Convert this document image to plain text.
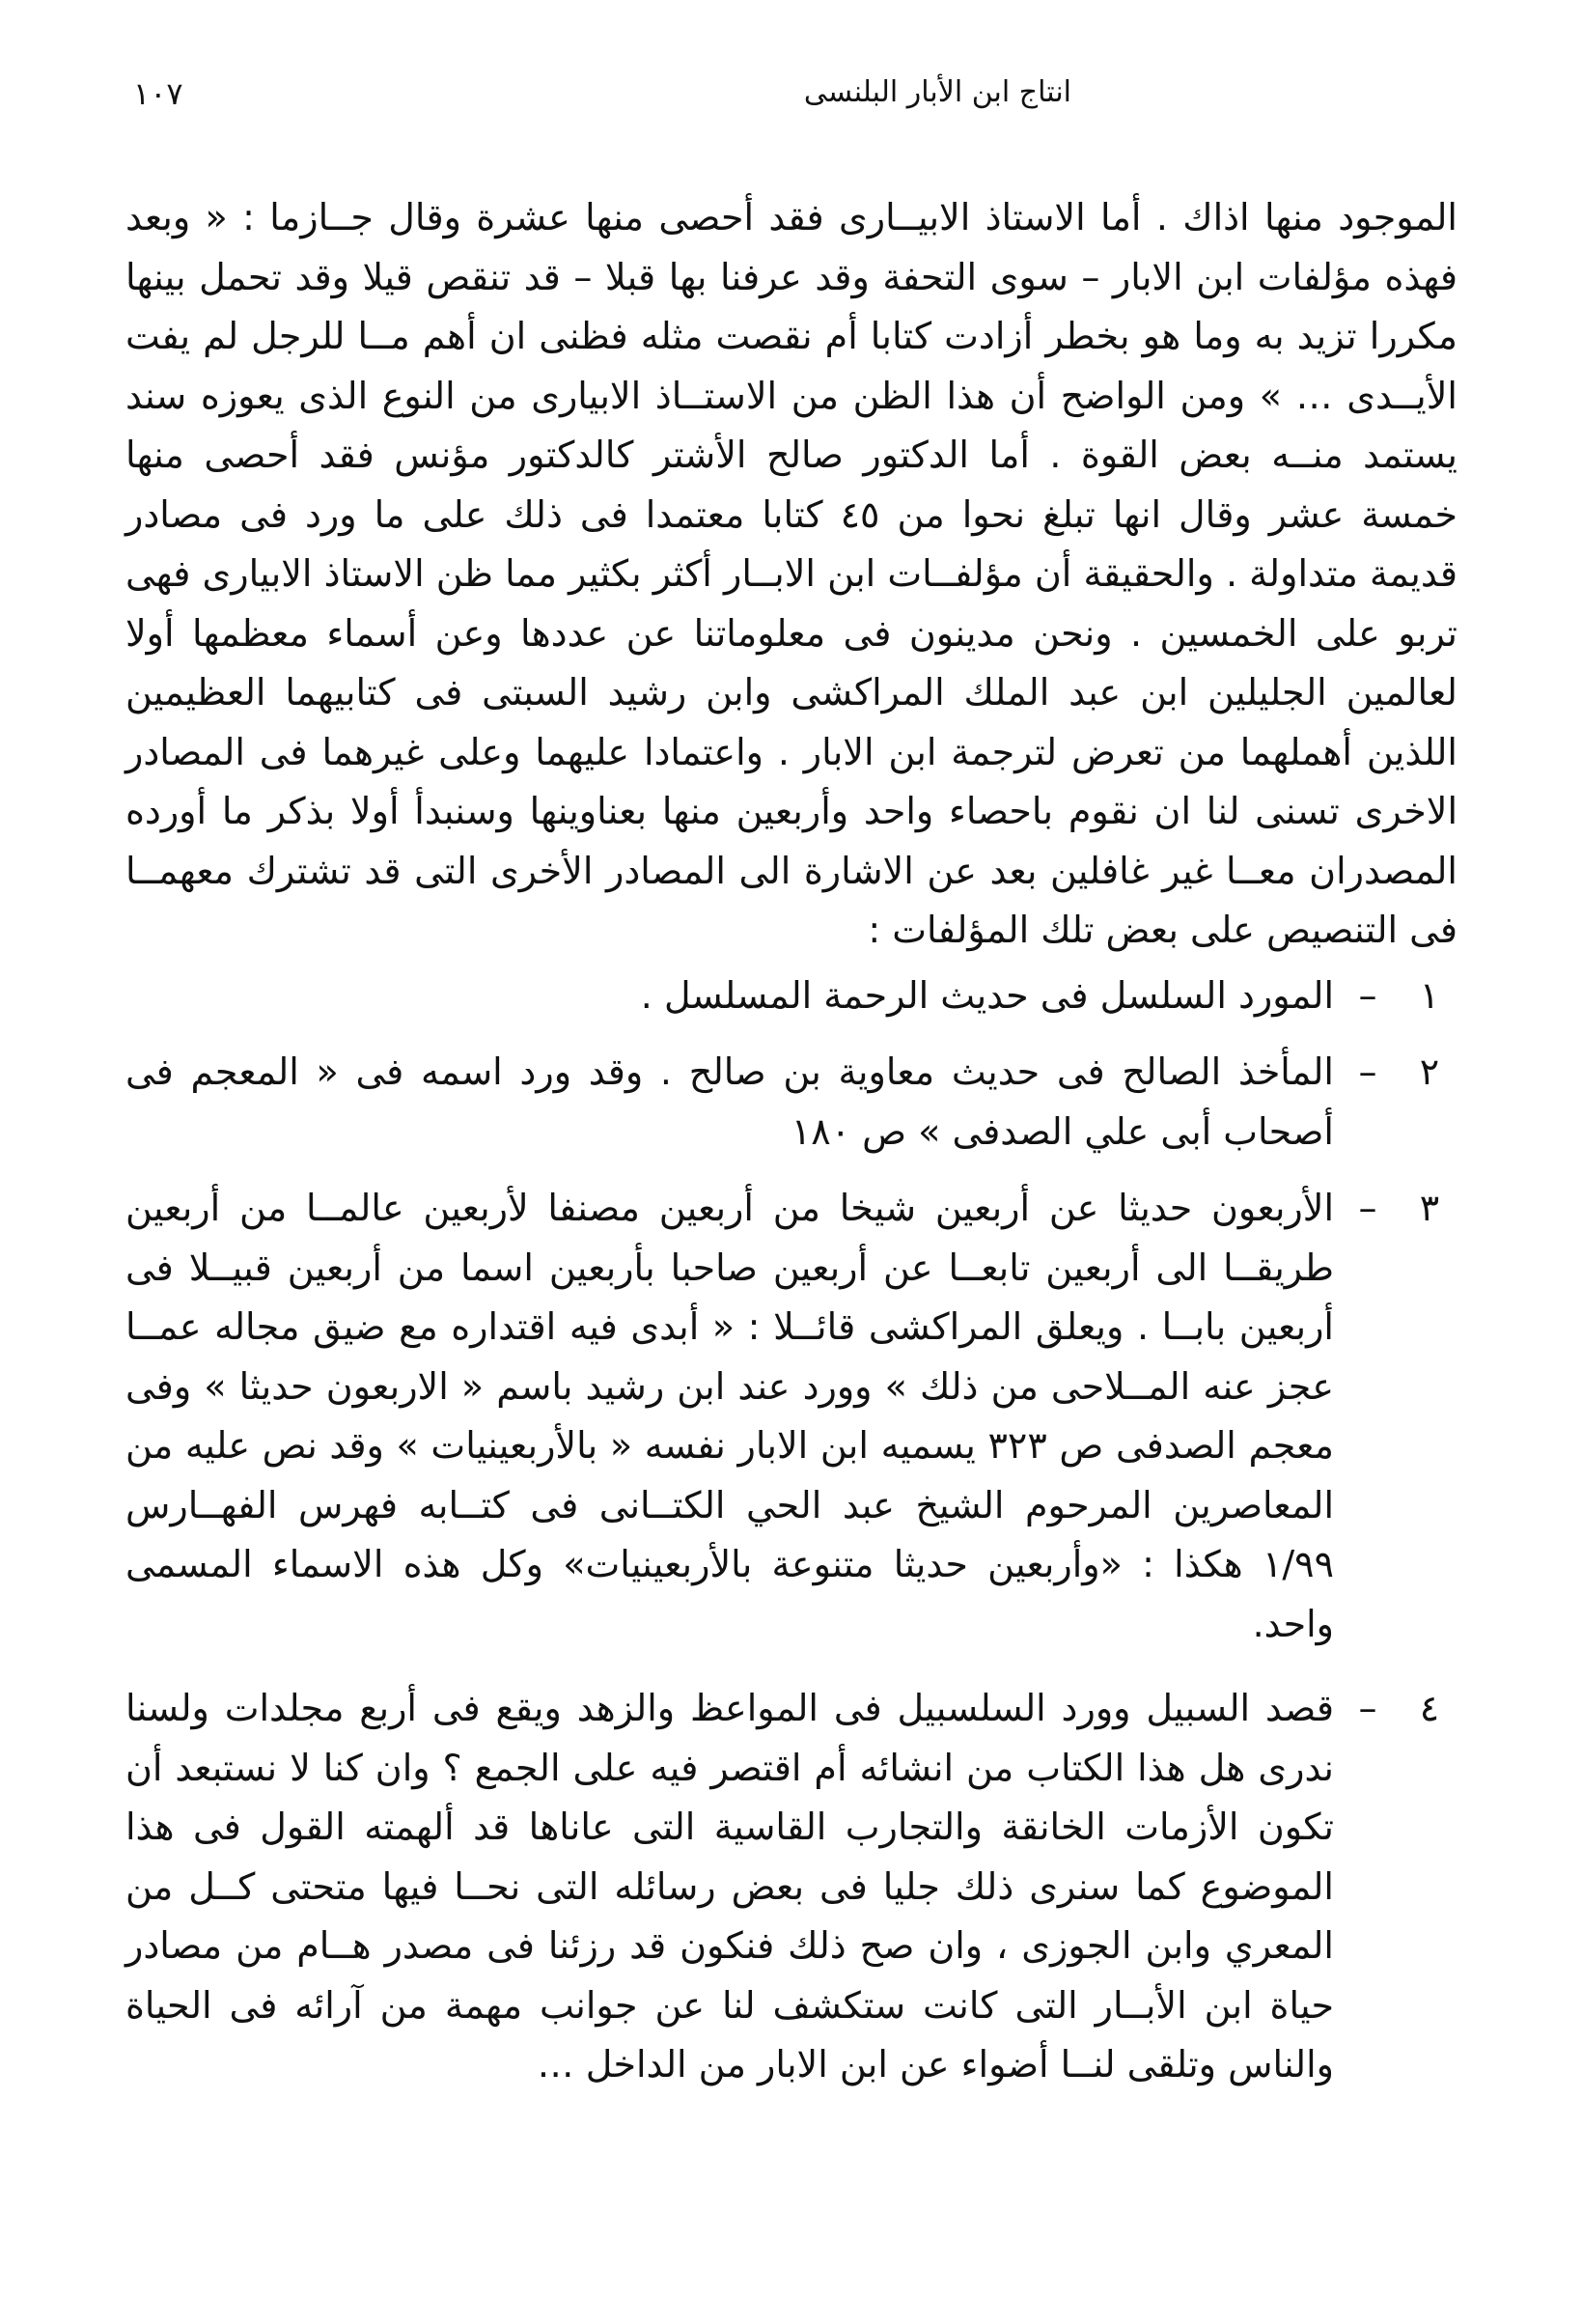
انتاج ابن الأبار البلنسى
١٠٧

الموجود منها اذاك . أما الاستاذ الابيــارى فقد أحصى منها عشرة وقال جــازما : « وبعد فهذه مؤلفات ابن الابار – سوى التحفة وقد عرفنا بها قبلا – قد تنقص قيلا وقد تحمل بينها مكررا تزيد به وما هو بخطر أزادت كتابا أم نقصت مثله فظنى ان أهم مــا للرجل لم يفت الأيــدى … » ومن الواضح أن هذا الظن من الاستــاذ الابيارى من النوع الذى يعوزه سند يستمد منــه بعض القوة . أما الدكتور صالح الأشتر كالدكتور مؤنس فقد أحصى منها خمسة عشر وقال انها تبلغ نحوا من ٤٥ كتابا معتمدا فى ذلك على ما ورد فى مصادر قديمة متداولة . والحقيقة أن مؤلفــات ابن الابــار أكثر بكثير مما ظن الاستاذ الابيارى فهى تربو على الخمسين . ونحن مدينون فى معلوماتنا عن عددها وعن أسماء معظمها أولا لعالمين الجليلين ابن عبد الملك المراكشى وابن رشيد السبتى فى كتابيهما العظيمين اللذين أهملهما من تعرض لترجمة ابن الابار . واعتمادا عليهما وعلى غيرهما فى المصادر الاخرى تسنى لنا ان نقوم باحصاء واحد وأربعين منها بعناوينها وسنبدأ أولا بذكر ما أورده المصدران معــا غير غافلين بعد عن الاشارة الى المصادر الأخرى التى قد تشترك معهمــا فى التنصيص على بعض تلك المؤلفات :

١
–

المورد السلسل فى حديث الرحمة المسلسل .

٢
–

المأخذ الصالح فى حديث معاوية بن صالح . وقد ورد اسمه فى « المعجم فى أصحاب أبى علي الصدفى » ص ١٨٠

٣
–

الأربعون حديثا عن أربعين شيخا من أربعين مصنفا لأربعين عالمــا من أربعين طريقــا الى أربعين تابعــا عن أربعين صاحبا بأربعين اسما من أربعين قبيــلا فى أربعين بابــا . ويعلق المراكشى قائــلا : « أبدى فيه اقتداره مع ضيق مجاله عمــا عجز عنه المــلاحى من ذلك » وورد عند ابن رشيد باسم « الاربعون حديثا » وفى معجم الصدفى ص ٣٢٣ يسميه ابن الابار نفسه « بالأربعينيات » وقد نص عليه من المعاصرين المرحوم الشيخ عبد الحي الكتــانى فى كتــابه فهرس الفهــارس ١/٩٩ هكذا : «وأربعين حديثا متنوعة بالأربعينيات» وكل هذه الاسماء المسمى واحد.

٤
–

قصد السبيل وورد السلسبيل فى المواعظ والزهد ويقع فى أربع مجلدات ولسنا ندرى هل هذا الكتاب من انشائه أم اقتصر فيه على الجمع ؟ وان كنا لا نستبعد أن تكون الأزمات الخانقة والتجارب القاسية التى عاناها قد ألهمته القول فى هذا الموضوع كما سنرى ذلك جليا فى بعض رسائله التى نحــا فيها متحتى كــل من المعري وابن الجوزى ، وان صح ذلك فنكون قد رزئنا فى مصدر هــام من مصادر حياة ابن الأبــار التى كانت ستكشف لنا عن جوانب مهمة من آرائه فى الحياة والناس وتلقى لنــا أضواء عن ابن الابار من الداخل …
